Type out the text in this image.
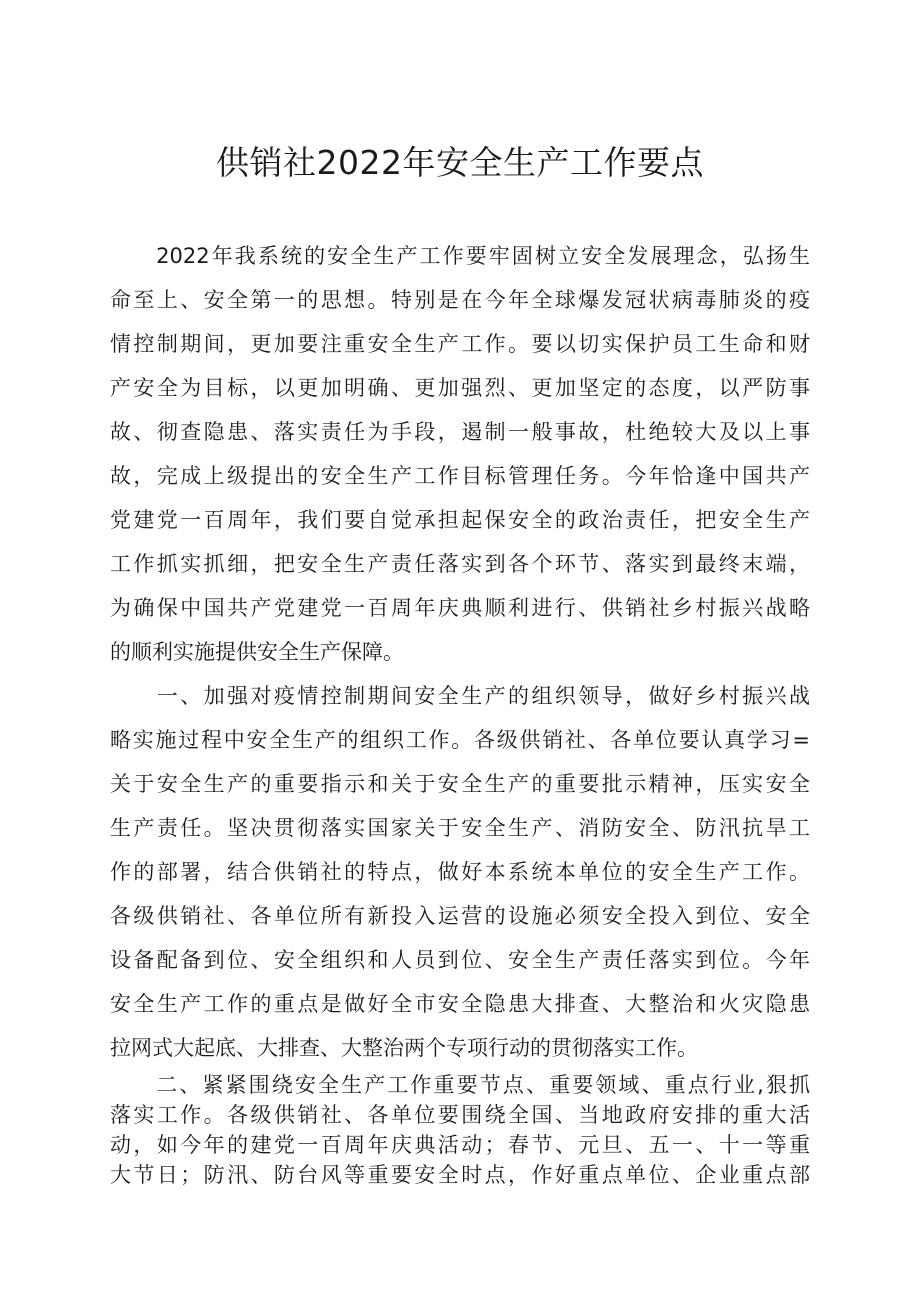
供销社2022年安全生产工作要点
　　2022年我系统的安全生产工作要牢固树立安全发展理念，弘扬生
命至上、安全第一的思想。特别是在今年全球爆发冠状病毒肺炎的疫
情控制期间，更加要注重安全生产工作。要以切实保护员工生命和财
产安全为目标，以更加明确、更加强烈、更加坚定的态度，以严防事
故、彻查隐患、落实责任为手段，遏制一般事故，杜绝较大及以上事
故，完成上级提出的安全生产工作目标管理任务。今年恰逢中国共产
党建党一百周年，我们要自觉承担起保安全的政治责任，把安全生产
工作抓实抓细，把安全生产责任落实到各个环节、落实到最终末端，
为确保中国共产党建党一百周年庆典顺利进行、供销社乡村振兴战略
的顺利实施提供安全生产保障。
　　一、加强对疫情控制期间安全生产的组织领导，做好乡村振兴战
略实施过程中安全生产的组织工作。各级供销社、各单位要认真学习=
关于安全生产的重要指示和关于安全生产的重要批示精神，压实安全
生产责任。坚决贯彻落实国家关于安全生产、消防安全、防汛抗旱工
作的部署，结合供销社的特点，做好本系统本单位的安全生产工作。
各级供销社、各单位所有新投入运营的设施必须安全投入到位、安全
设备配备到位、安全组织和人员到位、安全生产责任落实到位。今年
安全生产工作的重点是做好全市安全隐患大排查、大整治和火灾隐患
拉网式大起底、大排查、大整治两个专项行动的贯彻落实工作。
　　二、紧紧围绕安全生产工作重要节点、重要领域、重点行业,狠抓
落实工作。各级供销社、各单位要围绕全国、当地政府安排的重大活
动，如今年的建党一百周年庆典活动；春节、元旦、五一、十一等重
大节日；防汛、防台风等重要安全时点，作好重点单位、企业重点部
